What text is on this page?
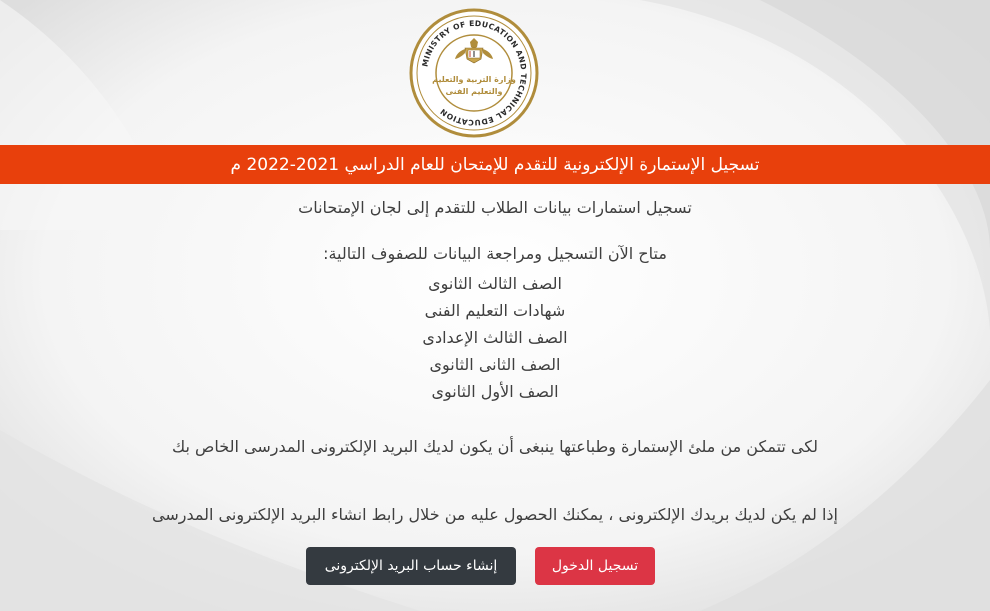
MINISTRY OF EDUCATION AND TECHNICAL EDUCATION
وزارة التربية والتعليم
والتعليم الفنى
تسجيل الإستمارة الإلكترونية للتقدم للإمتحان للعام الدراسي 2021-2022 م
تسجيل استمارات بيانات الطلاب للتقدم إلى لجان الإمتحانات
متاح الآن التسجيل ومراجعة البيانات للصفوف التالية:
الصف الثالث الثانوى
شهادات التعليم الفنى
الصف الثالث الإعدادى
الصف الثانى الثانوى
الصف الأول الثانوى
لكى تتمكن من ملئ الإستمارة وطباعتها ينبغى أن يكون لديك البريد الإلكترونى المدرسى الخاص بك
إذا لم يكن لديك بريدك الإلكترونى ، يمكنك الحصول عليه من خلال رابط انشاء البريد الإلكترونى المدرسى
تسجيل الدخول
إنشاء حساب البريد الإلكترونى
